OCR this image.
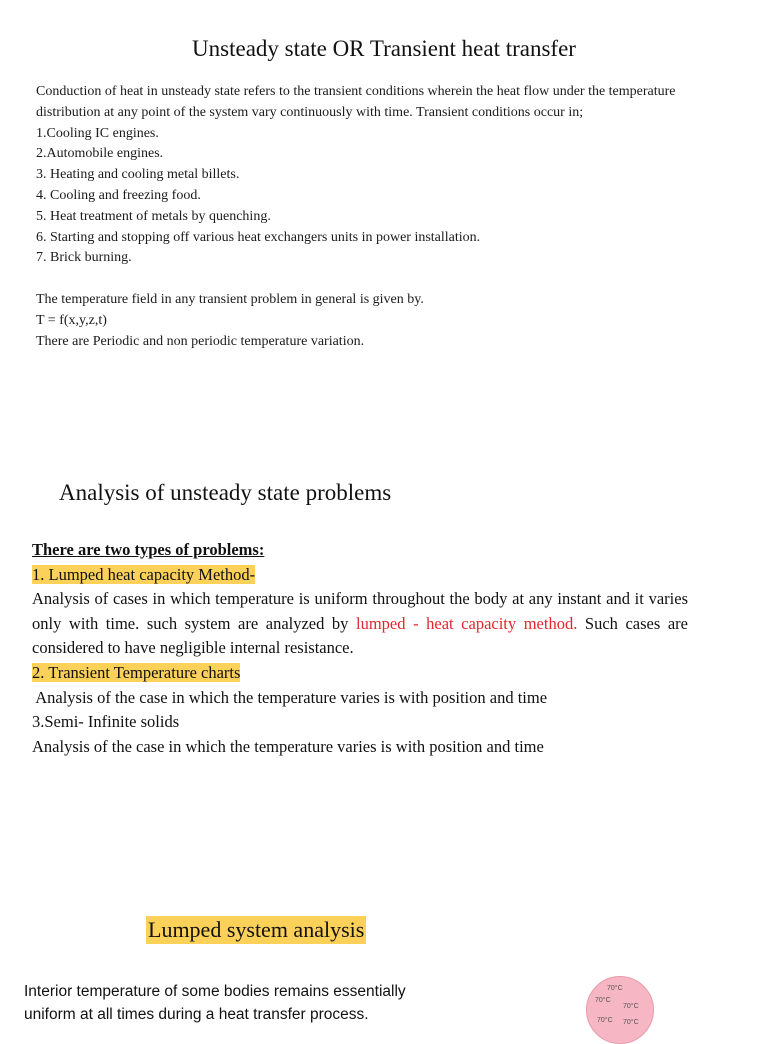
Unsteady state OR Transient heat transfer

Conduction of heat in unsteady state refers to the transient conditions wherein the heat flow under the temperature distribution at any point of the system vary continuously with time. Transient conditions occur in;

1.Cooling IC engines.

2.Automobile engines.

3. Heating and cooling metal billets.

4. Cooling and freezing food.

5. Heat treatment of metals by quenching.

6. Starting and stopping off various heat exchangers units in power installation.

7. Brick burning.

The temperature field in any transient problem in general is given by.

T = f(x,y,z,t)

There are Periodic and non periodic temperature variation.

Analysis of unsteady state problems

There are two types of problems:

1. Lumped heat capacity Method-

Analysis of cases in which temperature is uniform throughout the body at any instant and it varies only with time. such system are analyzed by lumped - heat capacity method. Such cases are considered to have negligible internal resistance.

2. Transient Temperature charts

Analysis of the case in which the temperature varies is with position and time

3.Semi- Infinite solids

Analysis of the case in which the temperature varies is with position and time

Lumped system analysis

Interior temperature of some bodies remains essentially

uniform at all times during a heat transfer process.

70°C
70°C
70°C
70°C 70°C
